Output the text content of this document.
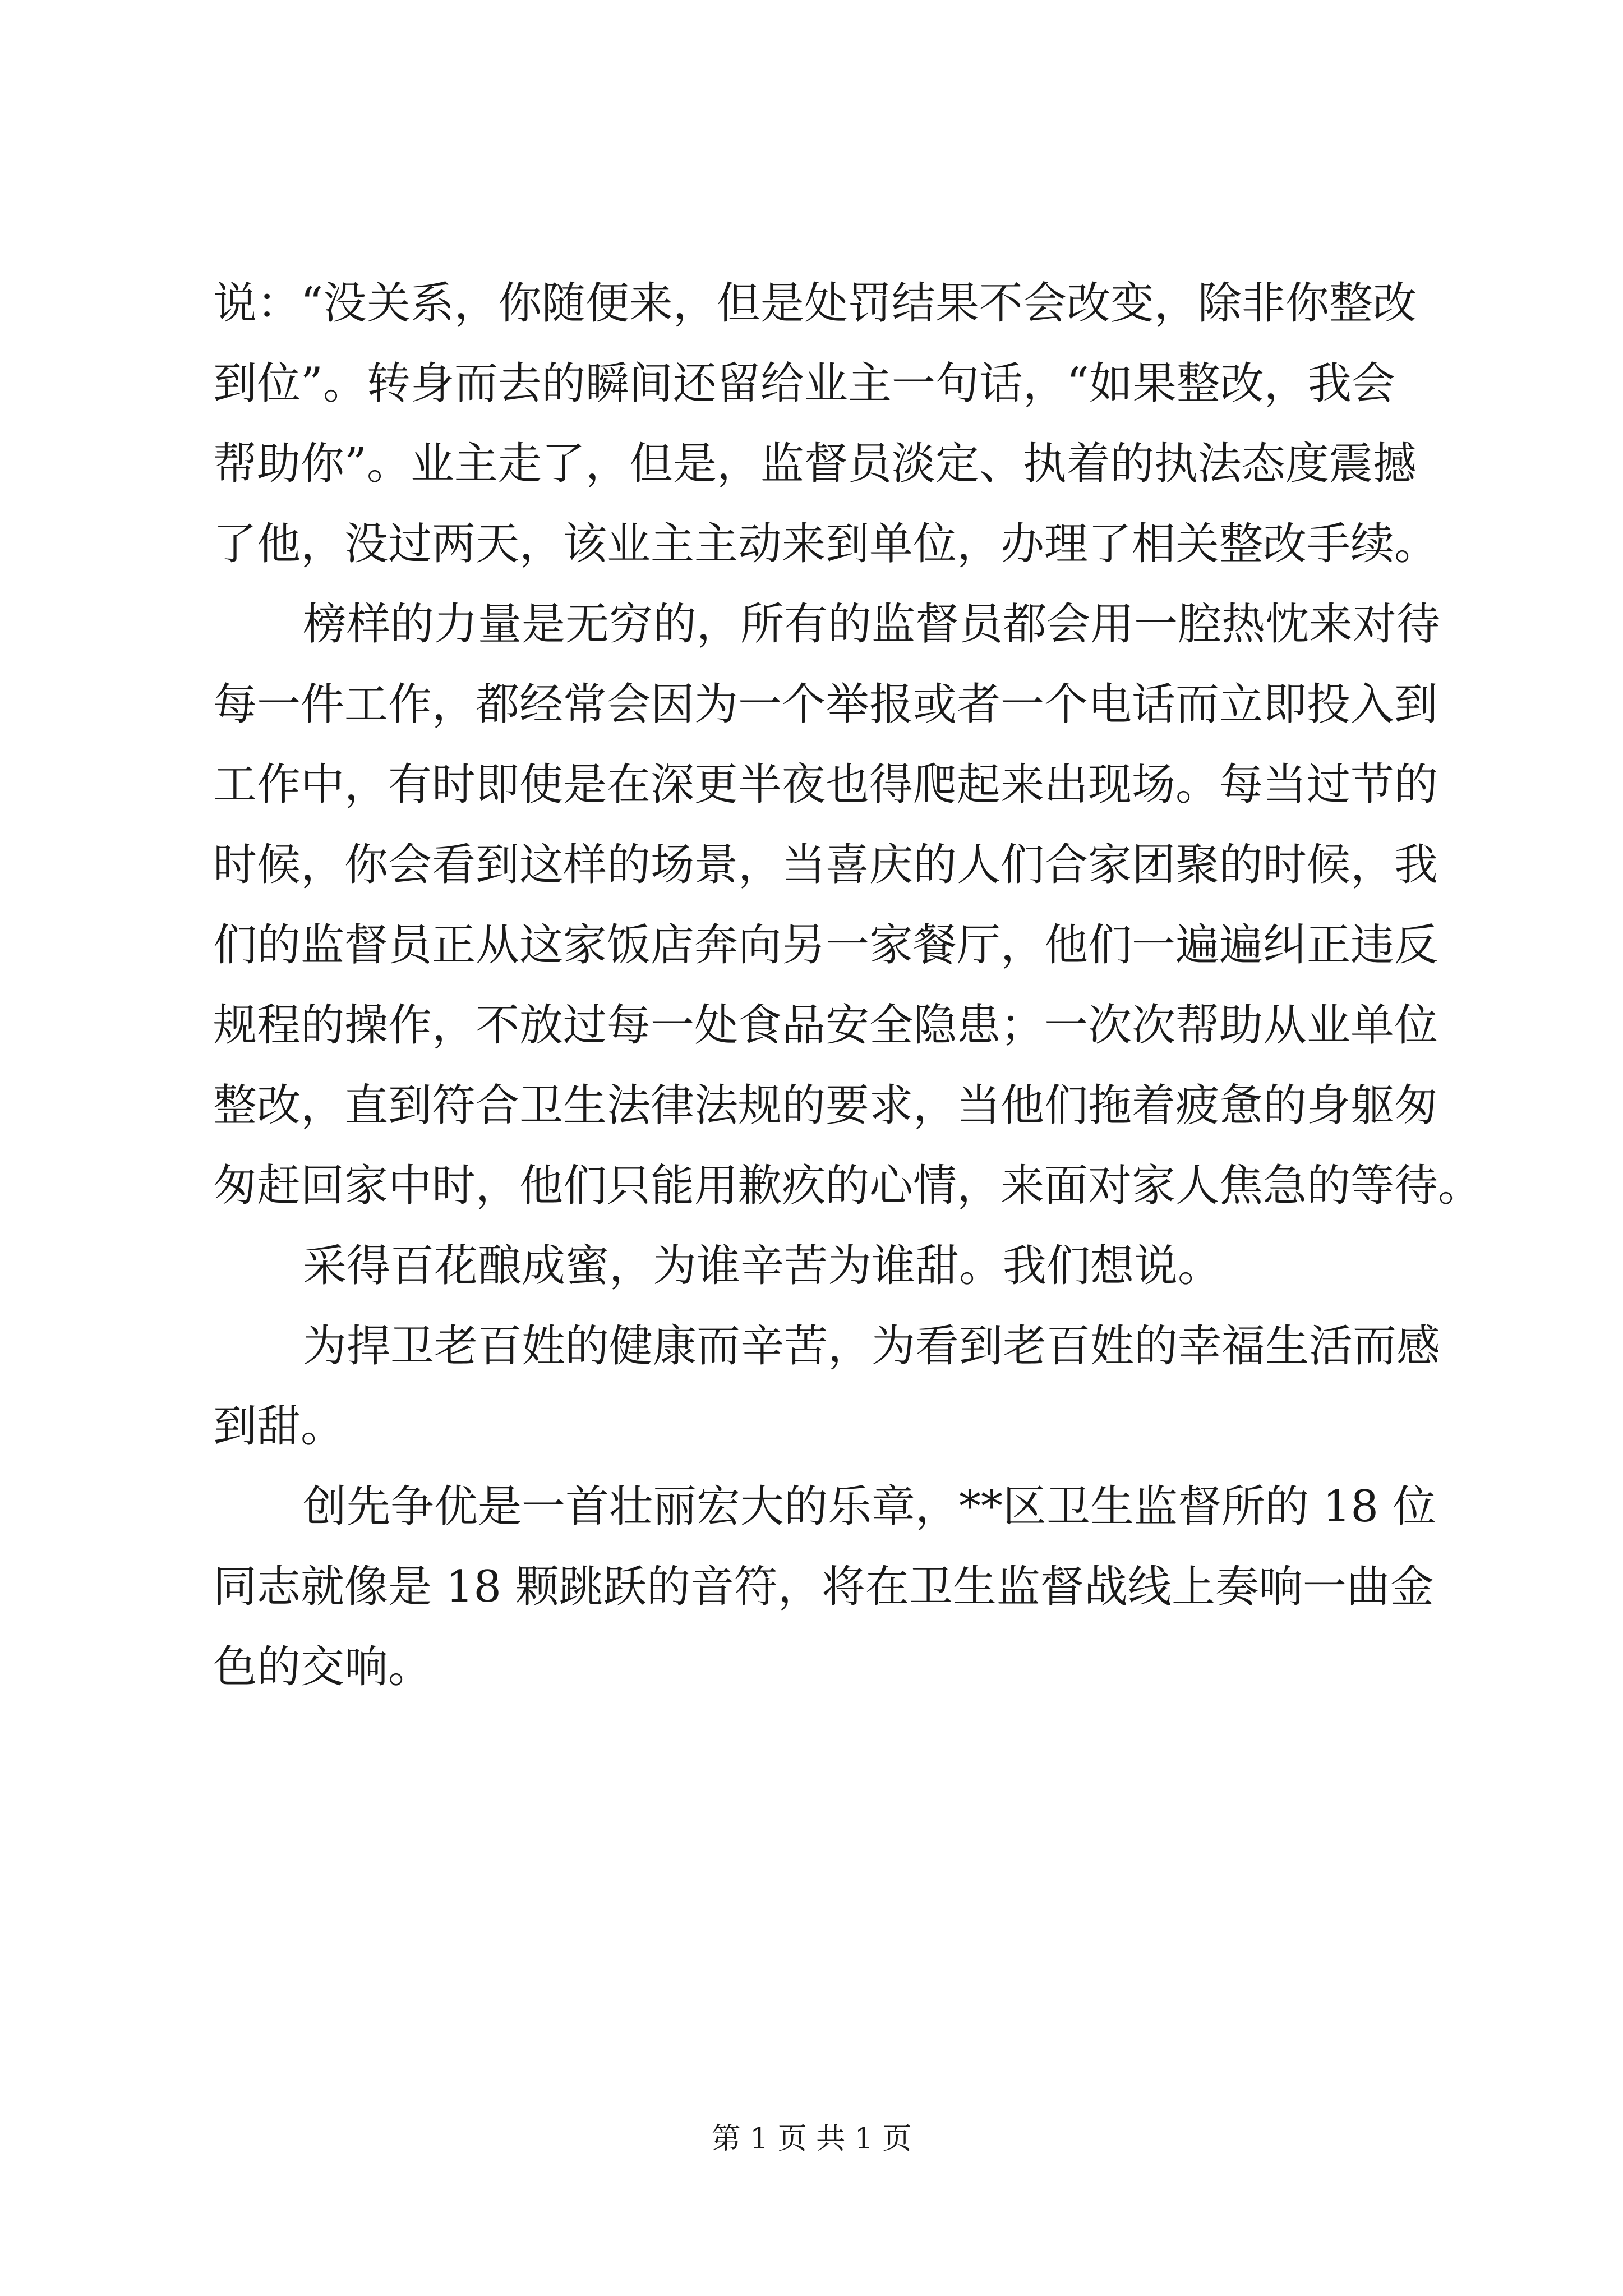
说：“没关系，你随便来，但是处罚结果不会改变，除非你整改
到位”。转身而去的瞬间还留给业主一句话，“如果整改，我会
帮助你”。业主走了，但是，监督员淡定、执着的执法态度震撼
了他，没过两天，该业主主动来到单位，办理了相关整改手续。
榜样的力量是无穷的，所有的监督员都会用一腔热忱来对待
每一件工作，都经常会因为一个举报或者一个电话而立即投入到
工作中，有时即使是在深更半夜也得爬起来出现场。每当过节的
时候，你会看到这样的场景，当喜庆的人们合家团聚的时候，我
们的监督员正从这家饭店奔向另一家餐厅，他们一遍遍纠正违反
规程的操作，不放过每一处食品安全隐患；一次次帮助从业单位
整改，直到符合卫生法律法规的要求，当他们拖着疲惫的身躯匆
匆赶回家中时，他们只能用歉疚的心情，来面对家人焦急的等待。
采得百花酿成蜜，为谁辛苦为谁甜。我们想说。
为捍卫老百姓的健康而辛苦，为看到老百姓的幸福生活而感
到甜。
创先争优是一首壮丽宏大的乐章，**区卫生监督所的 18 位
同志就像是 18 颗跳跃的音符，将在卫生监督战线上奏响一曲金
色的交响。
第 1 页 共 1 页
